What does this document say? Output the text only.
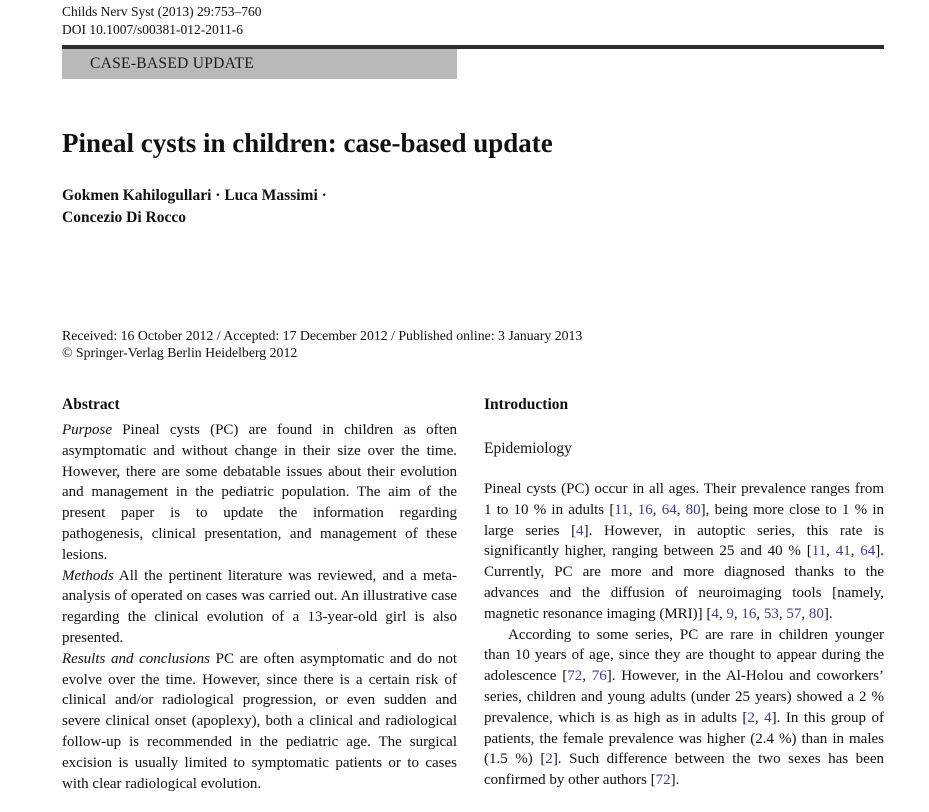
Childs Nerv Syst (2013) 29:753–760
DOI 10.1007/s00381-012-2011-6
CASE-BASED UPDATE
Pineal cysts in children: case-based update
Gokmen Kahilogullari · Luca Massimi ·
Concezio Di Rocco
Received: 16 October 2012 / Accepted: 17 December 2012 / Published online: 3 January 2013
© Springer-Verlag Berlin Heidelberg 2012
Abstract

Purpose Pineal cysts (PC) are found in children as often asymptomatic and without change in their size over the time. However, there are some debatable issues about their evolution and management in the pediatric population. The aim of the present paper is to update the information regarding pathogenesis, clinical presentation, and management of these lesions.

Methods All the pertinent literature was reviewed, and a meta-analysis of operated on cases was carried out. An illustrative case regarding the clinical evolution of a 13-year-old girl is also presented.

Results and conclusions PC are often asymptomatic and do not evolve over the time. However, since there is a certain risk of clinical and/or radiological progression, or even sudden and severe clinical onset (apoplexy), both a clinical and radiological follow-up is recommended in the pediatric age. The surgical excision is usually limited to symptomatic patients or to cases with clear radiological evolution.

Introduction
Epidemiology

Pineal cysts (PC) occur in all ages. Their prevalence ranges from 1 to 10 % in adults [11, 16, 64, 80], being more close to 1 % in large series [4]. However, in autoptic series, this rate is significantly higher, ranging between 25 and 40 % [11, 41, 64]. Currently, PC are more and more diagnosed thanks to the advances and the diffusion of neuroimaging tools [namely, magnetic resonance imaging (MRI)] [4, 9, 16, 53, 57, 80].

According to some series, PC are rare in children younger than 10 years of age, since they are thought to appear during the adolescence [72, 76]. However, in the Al-Holou and coworkers’ series, children and young adults (under 25 years) showed a 2 % prevalence, which is as high as in adults [2, 4]. In this group of patients, the female prevalence was higher (2.4 %) than in males (1.5 %) [2]. Such difference between the two sexes has been confirmed by other authors [72].
